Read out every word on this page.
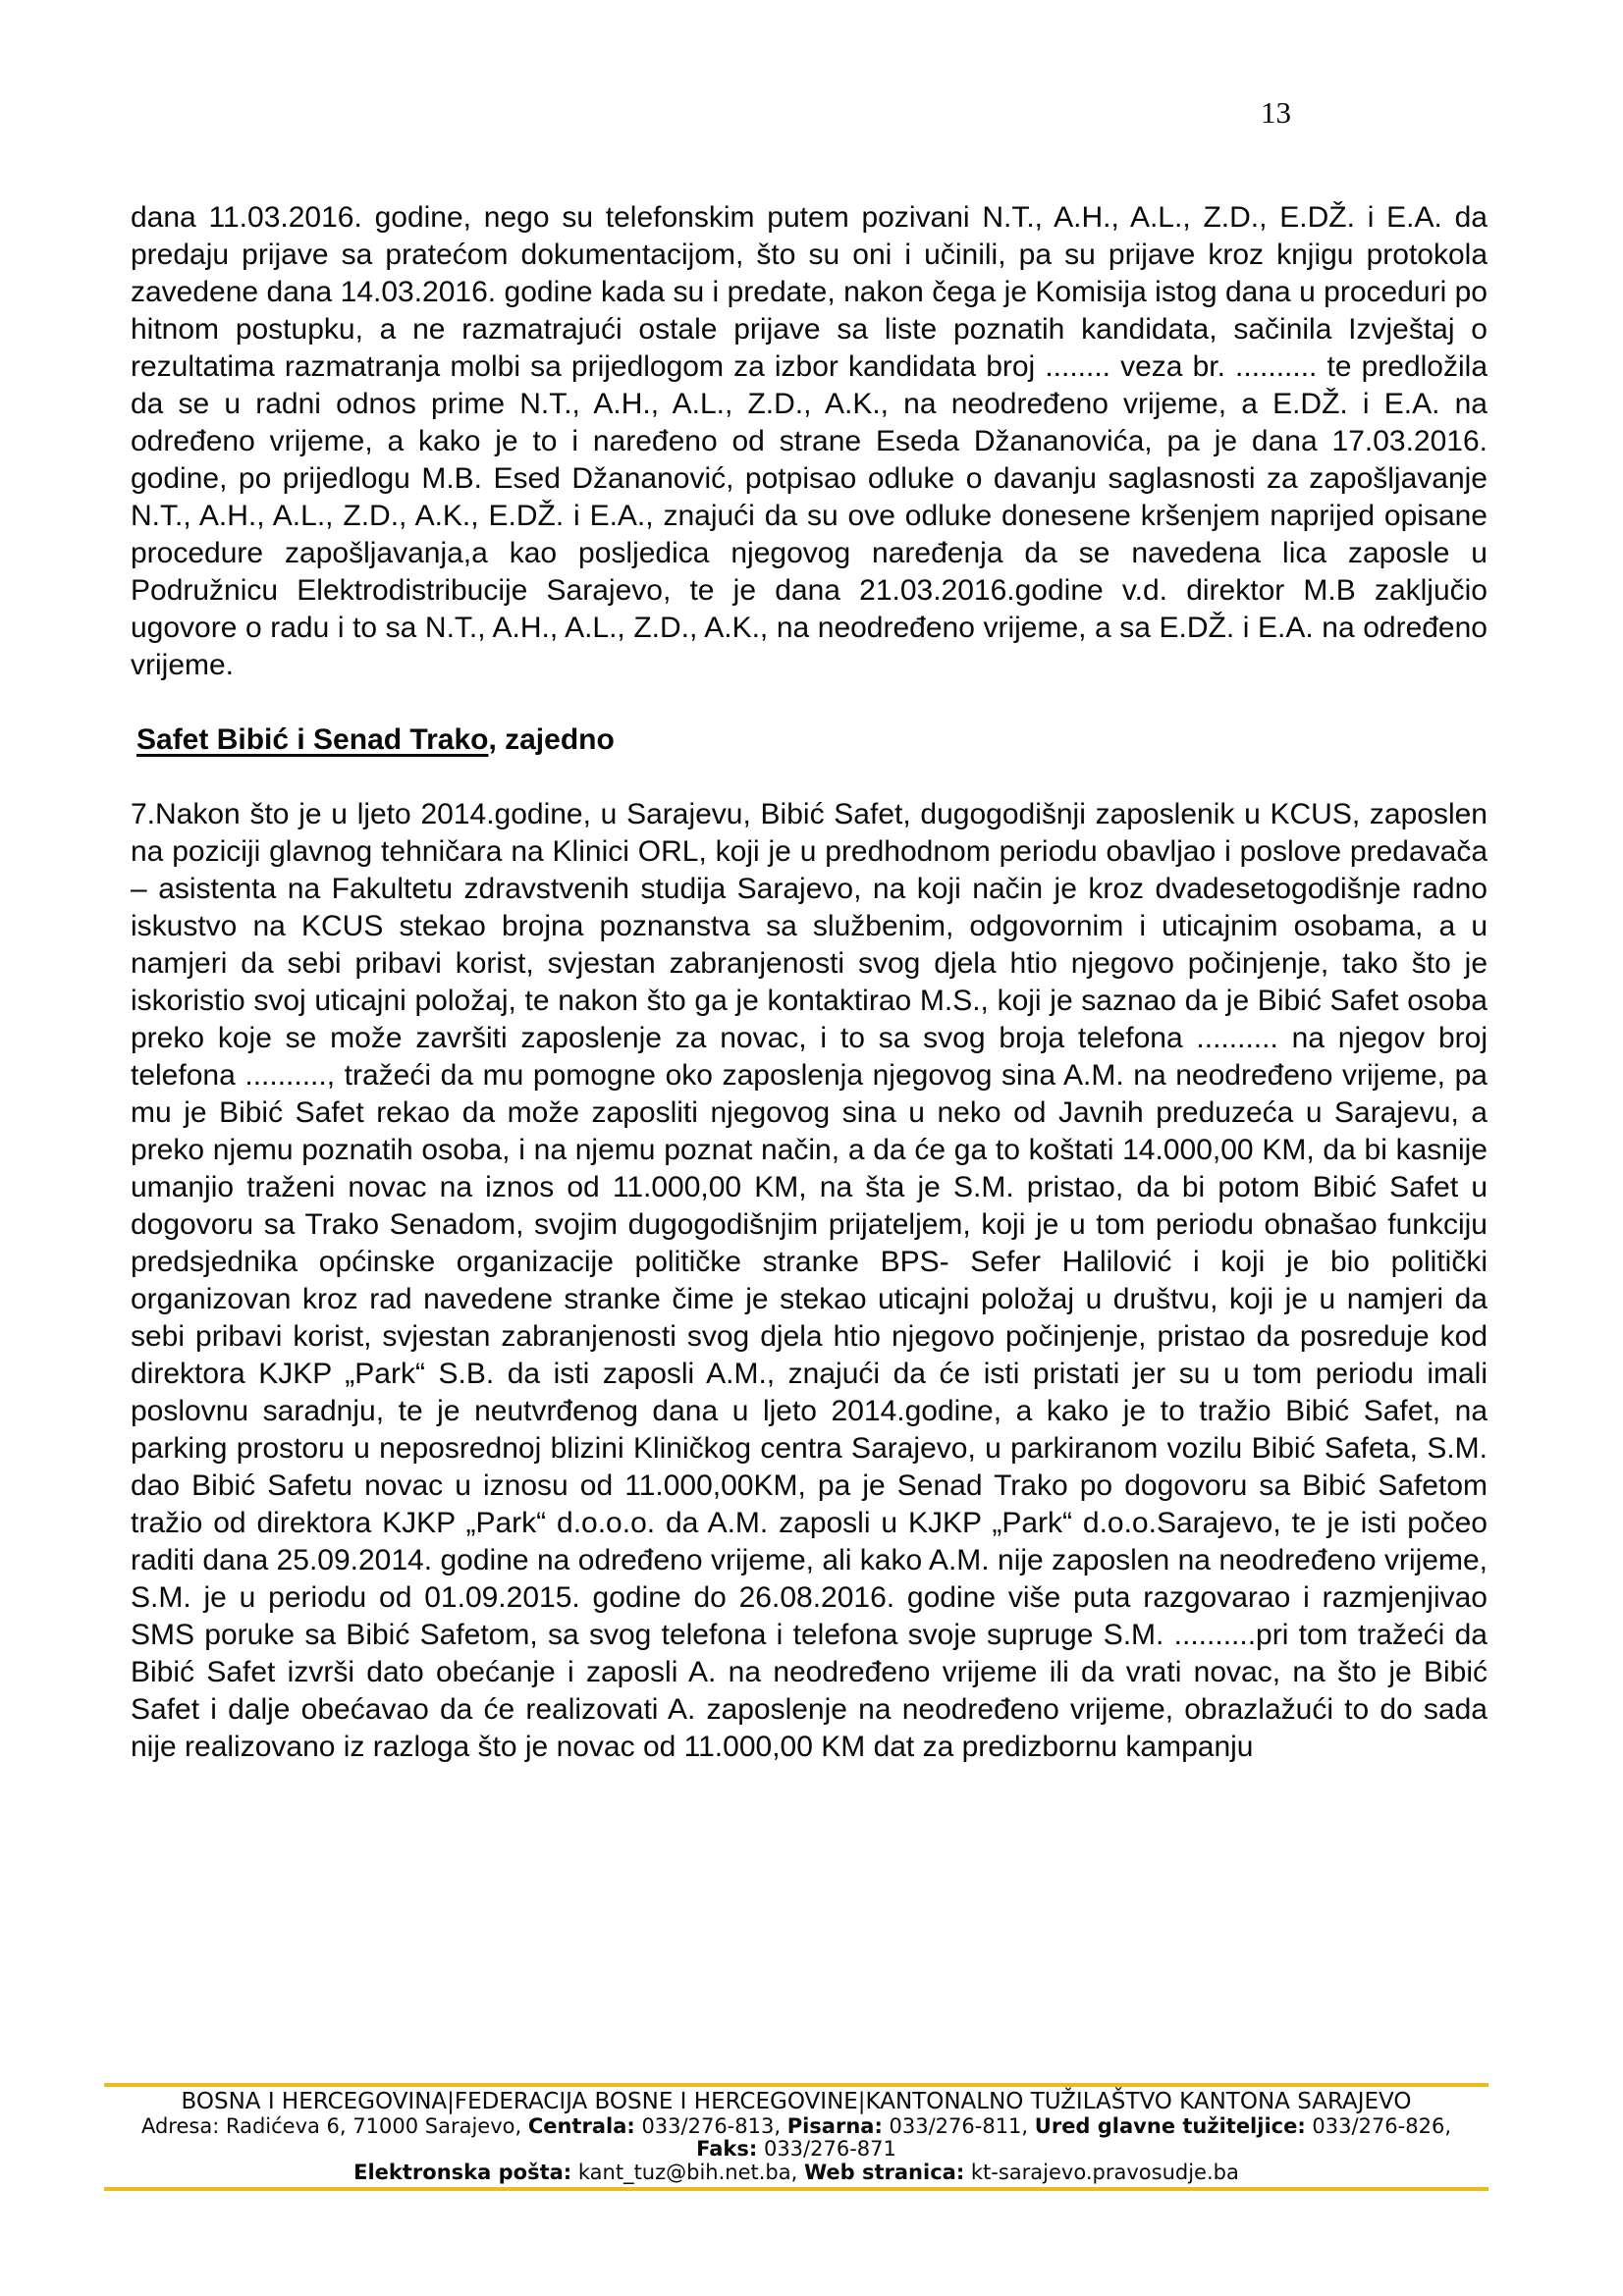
13

dana 11.03.2016. godine, nego su telefonskim putem pozivani N.T., A.H., A.L., Z.D., E.DŽ. i E.A. da predaju prijave sa pratećom dokumentacijom, što su oni i učinili, pa su prijave kroz knjigu protokola zavedene dana 14.03.2016. godine kada su i predate, nakon čega je Komisija istog dana u proceduri po hitnom postupku, a ne razmatrajući ostale prijave sa liste poznatih kandidata, sačinila Izvještaj o rezultatima razmatranja molbi sa prijedlogom za izbor kandidata broj ........ veza br. .......... te predložila da se u radni odnos prime N.T., A.H., A.L., Z.D., A.K., na neodređeno vrijeme, a E.DŽ. i E.A. na određeno vrijeme, a kako je to i naređeno od strane Eseda Džananovića, pa je dana 17.03.2016. godine, po prijedlogu M.B. Esed Džananović, potpisao odluke o davanju saglasnosti za zapošljavanje N.T., A.H., A.L., Z.D., A.K., E.DŽ. i E.A., znajući da su ove odluke donesene kršenjem naprijed opisane procedure zapošljavanja,a kao posljedica njegovog naređenja da se navedena lica zaposle u Podružnicu Elektrodistribucije Sarajevo, te je dana 21.03.2016.godine v.d. direktor M.B zaključio ugovore o radu i to sa N.T., A.H., A.L., Z.D., A.K., na neodređeno vrijeme, a sa E.DŽ. i E.A. na određeno vrijeme.

Safet Bibić i Senad Trako, zajedno

7.Nakon što je u ljeto 2014.godine, u Sarajevu, Bibić Safet, dugogodišnji zaposlenik u KCUS, zaposlen na poziciji glavnog tehničara na Klinici ORL, koji je u predhodnom periodu obavljao i poslove predavača – asistenta na Fakultetu zdravstvenih studija Sarajevo, na koji način je kroz dvadesetogodišnje radno iskustvo na KCUS stekao brojna poznanstva sa službenim, odgovornim i uticajnim osobama, a u namjeri da sebi pribavi korist, svjestan zabranjenosti svog djela htio njegovo počinjenje, tako što je iskoristio svoj uticajni položaj, te nakon što ga je kontaktirao M.S., koji je saznao da je Bibić Safet osoba preko koje se može završiti zaposlenje za novac, i to sa svog broja telefona .......... na njegov broj telefona .........., tražeći da mu pomogne oko zaposlenja njegovog sina A.M. na neodređeno vrijeme, pa mu je Bibić Safet rekao da može zaposliti njegovog sina u neko od Javnih preduzeća u Sarajevu, a preko njemu poznatih osoba, i na njemu poznat način, a da će ga to koštati 14.000,00 KM, da bi kasnije umanjio traženi novac na iznos od 11.000,00 KM, na šta je S.M. pristao, da bi potom Bibić Safet u dogovoru sa Trako Senadom, svojim dugogodišnjim prijateljem, koji je u tom periodu obnašao funkciju predsjednika općinske organizacije političke stranke BPS- Sefer Halilović i koji je bio politički organizovan kroz rad navedene stranke čime je stekao uticajni položaj u društvu, koji je u namjeri da sebi pribavi korist, svjestan zabranjenosti svog djela htio njegovo počinjenje, pristao da posreduje kod direktora KJKP „Park“ S.B. da isti zaposli A.M., znajući da će isti pristati jer su u tom periodu imali poslovnu saradnju, te je neutvrđenog dana u ljeto 2014.godine, a kako je to tražio Bibić Safet, na parking prostoru u neposrednoj blizini Kliničkog centra Sarajevo, u parkiranom vozilu Bibić Safeta, S.M. dao Bibić Safetu novac u iznosu od 11.000,00KM, pa je Senad Trako po dogovoru sa Bibić Safetom tražio od direktora KJKP „Park“ d.o.o.o. da A.M. zaposli u KJKP „Park“ d.o.o.Sarajevo, te je isti počeo raditi dana 25.09.2014. godine na određeno vrijeme, ali kako A.M. nije zaposlen na neodređeno vrijeme, S.M. je u periodu od 01.09.2015. godine do 26.08.2016. godine više puta razgovarao i razmjenjivao SMS poruke sa Bibić Safetom, sa svog telefona i telefona svoje supruge S.M. ..........pri tom tražeći da Bibić Safet izvrši dato obećanje i zaposli A. na neodređeno vrijeme ili da vrati novac, na što je Bibić Safet i dalje obećavao da će realizovati A. zaposlenje na neodređeno vrijeme, obrazlažući to do sada nije realizovano iz razloga što je novac od 11.000,00 KM dat za predizbornu kampanju

BOSNA I HERCEGOVINA|FEDERACIJA BOSNE I HERCEGOVINE|KANTONALNO TUŽILAŠTVO KANTONA SARAJEVO
Adresa: Radićeva 6, 71000 Sarajevo, Centrala: 033/276-813, Pisarna: 033/276-811, Ured glavne tužiteljice: 033/276-826,
Faks: 033/276-871
Elektronska pošta: kant_tuz@bih.net.ba, Web stranica: kt-sarajevo.pravosudje.ba
